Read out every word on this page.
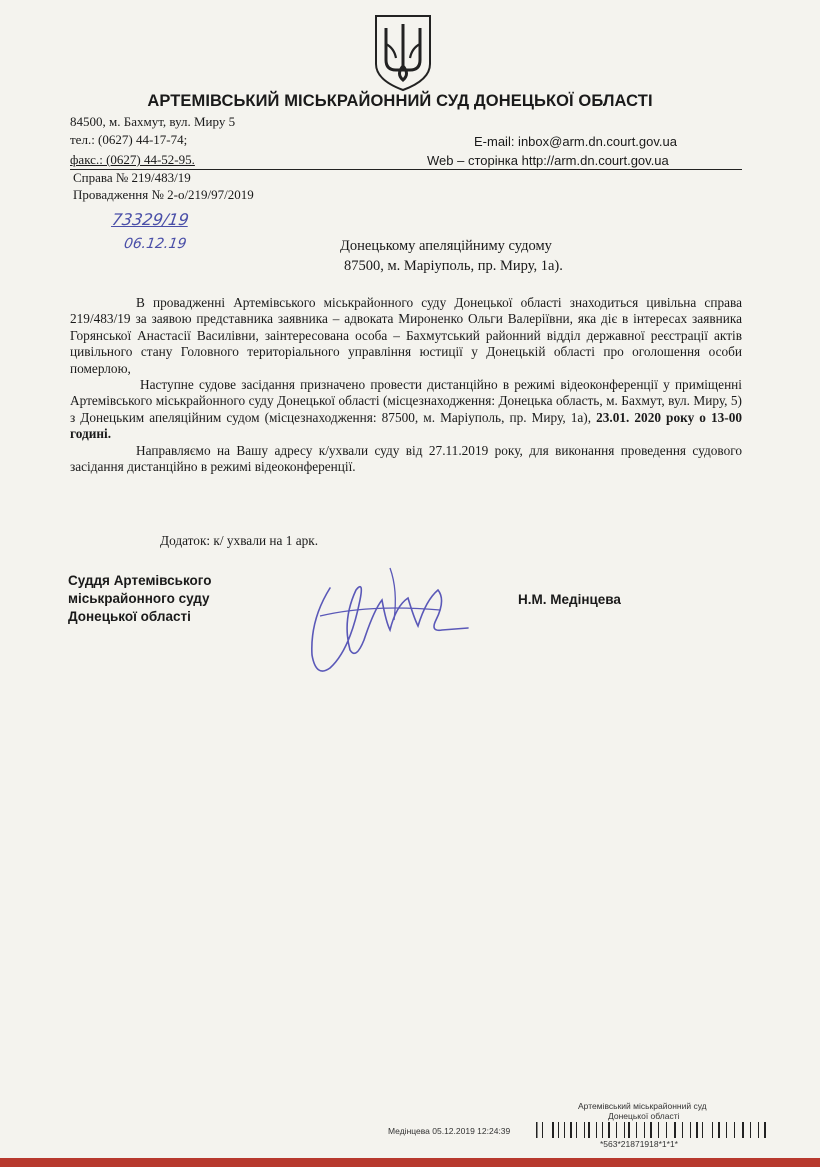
АРТЕМІВСЬКИЙ МІСЬКРАЙОННИЙ СУД ДОНЕЦЬКОЇ ОБЛАСТІ
84500, м. Бахмут, вул. Миру 5
тел.: (0627) 44-17-74;
факс.: (0627) 44-52-95.
E-mail: inbox@arm.dn.court.gov.ua
Web – сторінка http://arm.dn.court.gov.ua
Справа № 219/483/19
Провадження № 2-о/219/97/2019
73329/19
06.12.19	Донецькому апеляційниму судому
87500, м. Маріуполь, пр. Миру, 1а).

В провадженні Артемівського міськрайонного суду Донецької області знаходиться цивільна справа 219/483/19 за заявою представника заявника – адвоката Мироненко Ольги Валеріївни, яка діє в інтересах заявника Горянської Анастасії Василівни, заінтересована особа – Бахмутський районний відділ державної реєстрації актів цивільного стану Головного територіального управління юстиції у Донецькій області про оголошення особи померлою,

Наступне судове засідання призначено провести дистанційно в режимі відеоконференції у приміщенні Артемівського міськрайонного суду Донецької області (місцезнаходження: Донецька область, м. Бахмут, вул. Миру, 5) з Донецьким апеляційним судом (місцезнаходження: 87500, м. Маріуполь, пр. Миру, 1а), 23.01. 2020 року о 13-00 годині.

Направляємо на Вашу адресу к/ухвали суду від 27.11.2019 року, для виконання проведення судового засідання дистанційно в режимі відеоконференції.

Додаток: к/ ухвали на 1 арк.
Суддя Артемівського
міськрайонного суду
Донецької області
Н.М. Медінцева
Артемівський міськрайонний суд
Донецької області
Медінцева 05.12.2019 12:24:39
*563*21871918*1*1*
